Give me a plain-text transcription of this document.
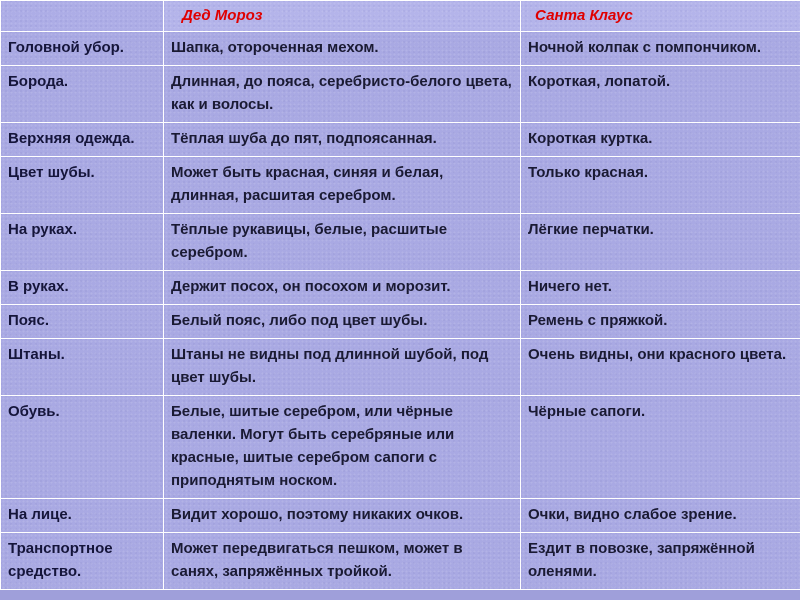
	Дед Мороз	Санта Клаус
Головной убор.	Шапка, отороченная мехом.	Ночной колпак с помпончиком.
Борода.	Длинная, до пояса, серебристо-белого цвета, как и волосы.	Короткая, лопатой.
Верхняя одежда.	Тёплая шуба до пят, подпоясанная.	Короткая куртка.
Цвет шубы.	Может быть красная, синяя и белая, длинная, расшитая серебром.	Только красная.
На руках.	Тёплые рукавицы, белые, расшитые серебром.	Лёгкие перчатки.
В руках.	Держит посох, он посохом и морозит.	Ничего нет.
Пояс.	Белый пояс, либо под цвет шубы.	Ремень с пряжкой.
Штаны.	Штаны не видны под длинной шубой, под цвет шубы.	Очень видны, они красного цвета.
Обувь.	Белые, шитые серебром, или чёрные валенки. Могут быть серебряные или красные, шитые серебром сапоги с приподнятым носком.	Чёрные сапоги.
На лице.	Видит хорошо, поэтому никаких очков.	Очки, видно слабое зрение.
Транспортное средство.	Может передвигаться пешком, может в санях, запряжённых тройкой.	Ездит в повозке, запряжённой оленями.
